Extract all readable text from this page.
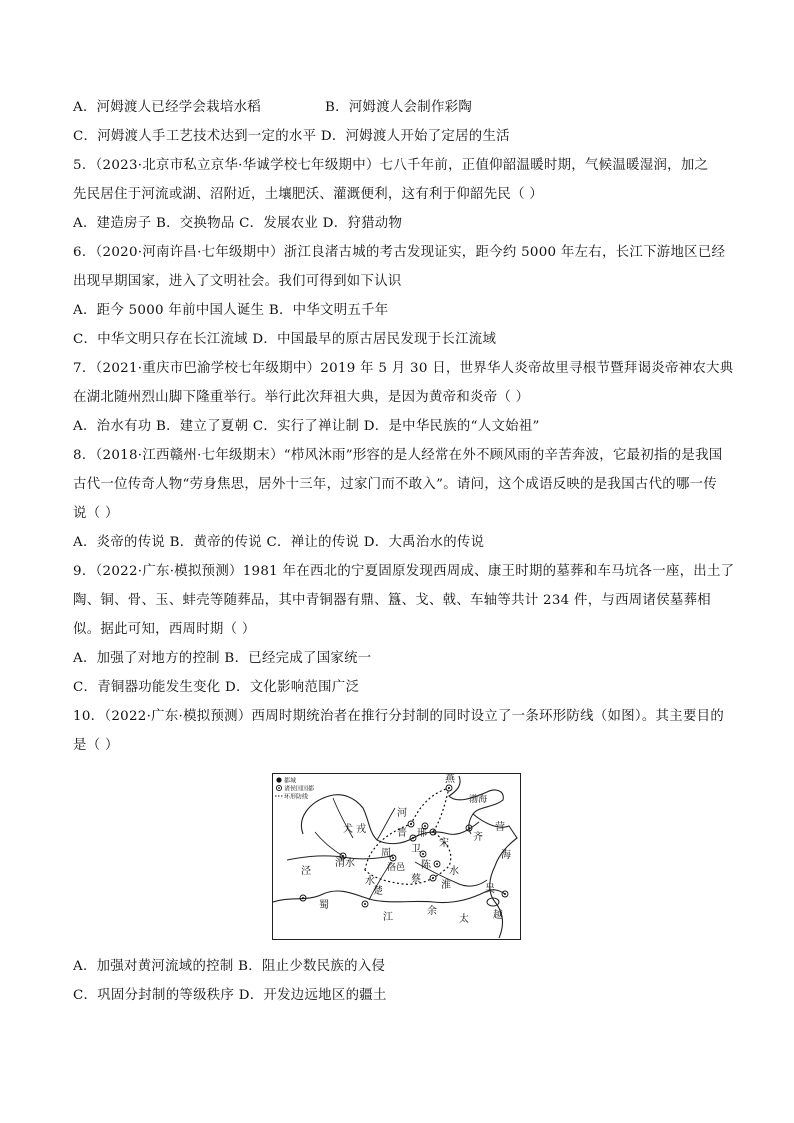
A．河姆渡人已经学会栽培水稻	B．河姆渡人会制作彩陶
C．河姆渡人手工艺技术达到一定的水平 D．河姆渡人开始了定居的生活
5．（2023·北京市私立京华·华诚学校七年级期中）七八千年前，正值仰韶温暖时期，气候温暖湿润，加之
先民居住于河流或湖、沼附近，土壤肥沃、灌溉便利，这有利于仰韶先民（ ）
A．建造房子 B．交换物品 C．发展农业 D．狩猎动物
6．（2020·河南许昌·七年级期中）浙江良渚古城的考古发现证实，距今约 5000 年左右，长江下游地区已经
出现早期国家，进入了文明社会。我们可得到如下认识
A．距今 5000 年前中国人诞生 B．中华文明五千年
C．中华文明只存在长江流域 D．中国最早的原古居民发现于长江流域
7．（2021·重庆市巴渝学校七年级期中）2019 年 5 月 30 日，世界华人炎帝故里寻根节暨拜谒炎帝神农大典
在湖北随州烈山脚下隆重举行。举行此次拜祖大典，是因为黄帝和炎帝（ ）
A．治水有功 B．建立了夏朝 C．实行了禅让制 D．是中华民族的“人文始祖”
8．（2018·江西赣州·七年级期末）“栉风沐雨”形容的是人经常在外不顾风雨的辛苦奔波，它最初指的是我国
古代一位传奇人物“劳身焦思，居外十三年，过家门而不敢入”。请问，这个成语反映的是我国古代的哪一传
说（ ）
A．炎帝的传说 B．黄帝的传说 C．禅让的传说 D．大禹治水的传说
9．（2022·广东·模拟预测）1981 年在西北的宁夏固原发现西周成、康王时期的墓葬和车马坑各一座，出土了
陶、铜、骨、玉、蚌壳等随葬品，其中青铜器有鼎、簋、戈、戟、车轴等共计 234 件，与西周诸侯墓葬相
似。据此可知，西周时期（ ）
A．加强了对地方的控制 B．已经完成了国家统一
C．青铜器功能发生变化 D．文化影响范围广泛
10．（2022·广东·模拟预测）西周时期统治者在推行分封制的同时设立了一条环形防线（如图）。其主要目的
是（ ）
都城
诸侯国国都
环形防线
燕
渤海
河
犬 戎	晋 邢
卫
周
渭水	洛邑
宋
齐
营
海
陈
蔡
水
淮
蜀
楚
江
吴
越
余
泾
水
太
A．加强对黄河流域的控制 B．阻止少数民族的入侵
C．巩固分封制的等级秩序 D．开发边远地区的疆土
